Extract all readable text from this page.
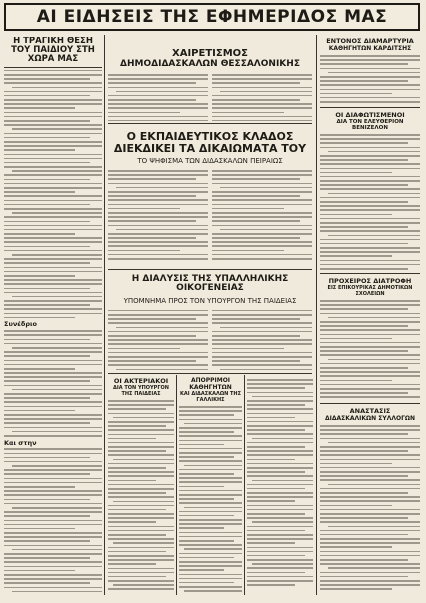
ΑΙ ΕΙΔΗΣΕΙΣ ΤΗΣ ΕΦΗΜΕΡΙΔΟΣ ΜΑΣ
Η ΤΡΑΓΙΚΗ ΘΕΣΗ ΤΟΥ ΠΑΙΔΙΟΥ ΣΤΗ ΧΩΡΑ ΜΑΣ
Συνέδριο
Και στην
ΧΑΙΡΕΤΙΣΜΟΣ
ΔΗΜΟΔΙΔΑΣΚΑΛΩΝ ΘΕΣΣΑΛΟΝΙΚΗΣ
Ο ΕΚΠΑΙΔΕΥΤΙΚΟΣ ΚΛΑΔΟΣ
ΔΙΕΚΔΙΚΕΙ ΤΑ ΔΙΚΑΙΩΜΑΤΑ ΤΟΥ
ΤΟ ΨΗΦΙΣΜΑ ΤΩΝ ΔΙΔΑΣΚΑΛΩΝ ΠΕΙΡΑΙΩΣ
Η ΔΙΑΛΥΣΙΣ ΤΗΣ ΥΠΑΛΛΗΛΙΚΗΣ ΟΙΚΟΓΕΝΕΙΑΣ
ΥΠΟΜΝΗΜΑ ΠΡΟΣ ΤΟΝ ΥΠΟΥΡΓΟΝ ΤΗΣ ΠΑΙΔΕΙΑΣ
ΟΙ ΑΚΤΕΡΙΑΚΟΙ
ΔΙΑ ΤΟΝ ΥΠΟΥΡΓΟΝ ΤΗΣ ΠΑΙΔΕΙΑΣ
ΑΠΟΡΡΙΜΟΙ ΚΑΘΗΓΗΤΩΝ
ΚΑΙ ΔΙΔΑΣΚΑΛΩΝ ΤΗΣ ΓΑΛΛΙΚΗΣ
ΕΝΤΟΝΟΣ ΔΙΑΜΑΡΤΥΡΙΑ
ΚΑΘΗΓΗΤΩΝ ΚΑΡΔΙΤΣΗΣ
ΟΙ ΔΙΑΦΩΤΙΣΜΕΝΟΙ
ΔΙΑ ΤΟΝ ΕΛΕΥΘΕΡΙΟΝ ΒΕΝΙΖΕΛΟΝ
ΠΡΟΧΕΙΡΟΣ ΔΙΑΤΡΟΦΗ
ΕΙΣ ΕΠΙΚΟΥΡΙΚΑΣ ΔΗΜΟΤΙΚΩΝ ΣΧΟΛΕΙΩΝ
ΑΝΑΣΤΑΣΙΣ
ΔΙΔΑΣΚΑΛΙΚΩΝ ΣΥΛΛΟΓΩΝ
